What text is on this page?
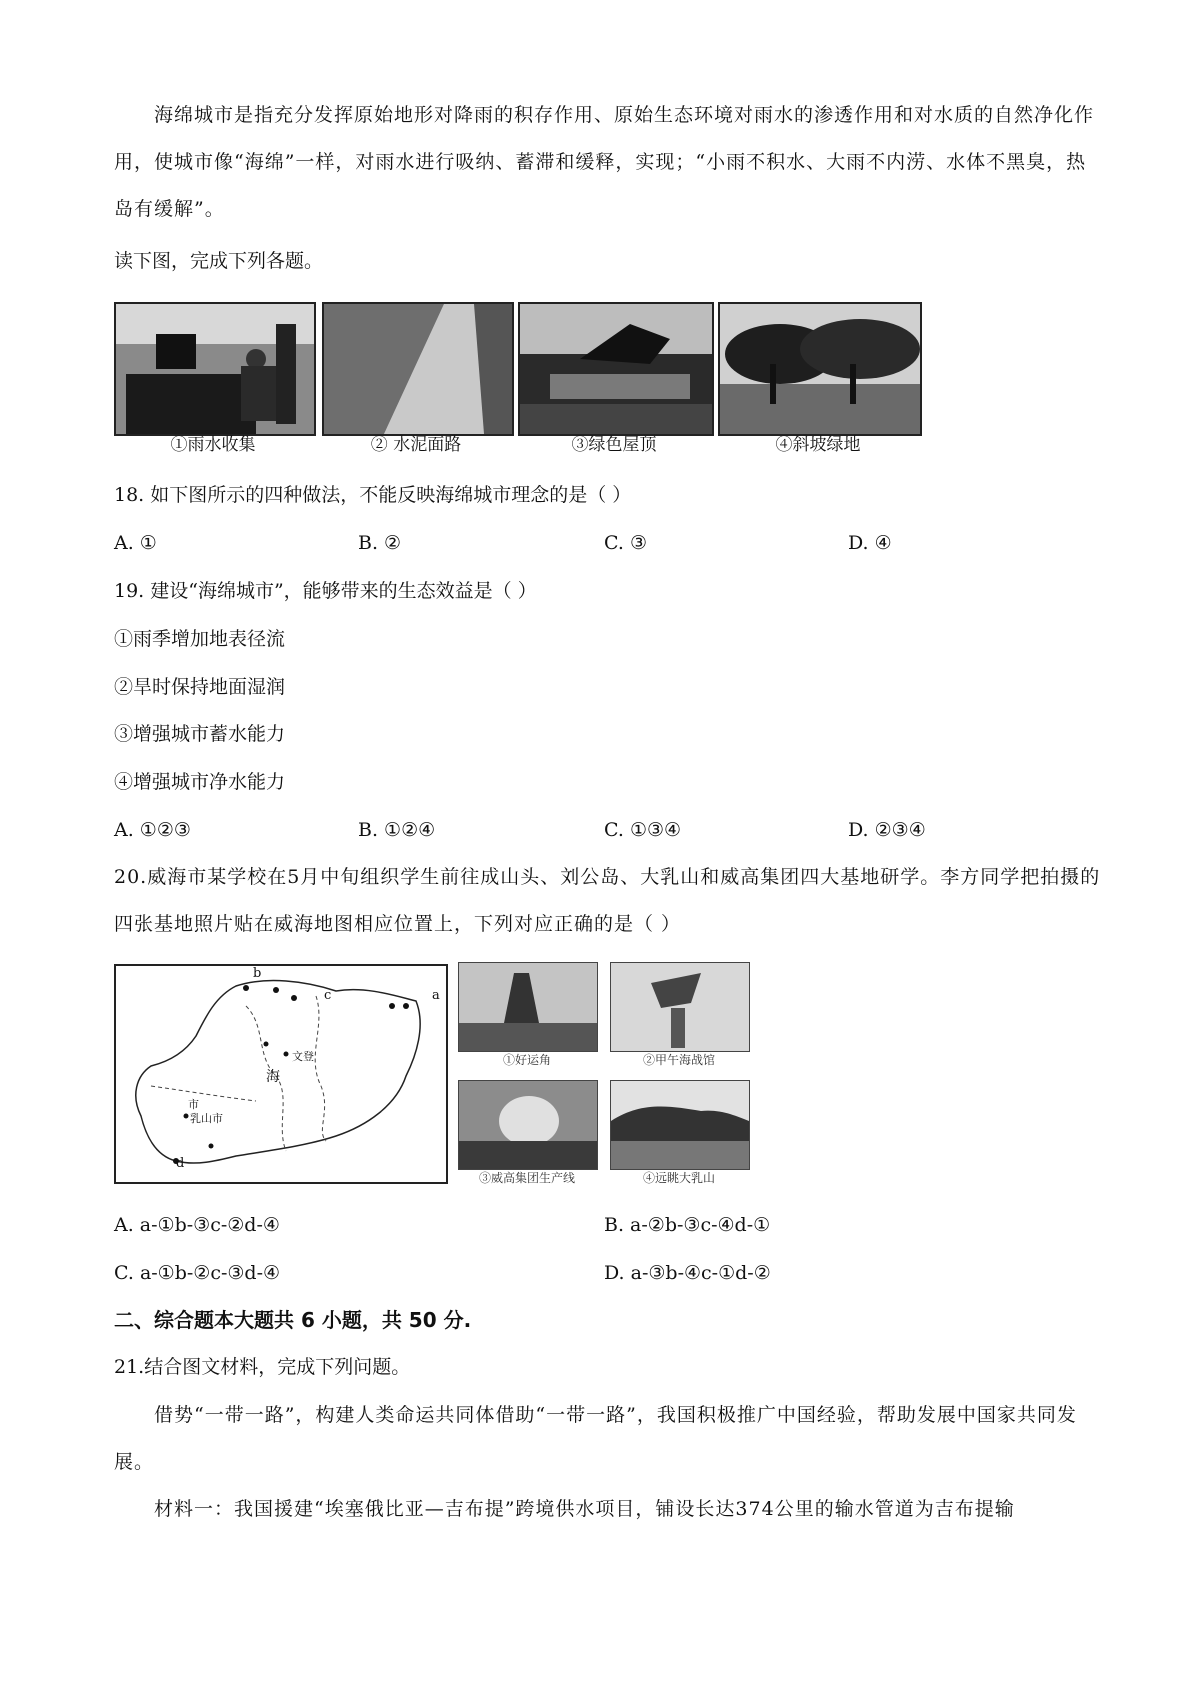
海绵城市是指充分发挥原始地形对降雨的积存作用、原始生态环境对雨水的渗透作用和对水质的自然净化作用，使城市像“海绵”一样，对雨水进行吸纳、蓄滞和缓释，实现；“小雨不积水、大雨不内涝、水体不黑臭，热岛有缓解”。
读下图，完成下列各题。
①雨水收集	② 水泥面路	③绿色屋顶	④斜坡绿地
18. 如下图所示的四种做法，不能反映海绵城市理念的是（ ）
A. ①	B. ②	C. ③	D. ④
19. 建设“海绵城市”，能够带来的生态效益是（ ）
①雨季增加地表径流
②旱时保持地面湿润
③增强城市蓄水能力
④增强城市净水能力
A. ①②③	B. ①②④	C. ①③④	D. ②③④
20.威海市某学校在5月中旬组织学生前往成山头、刘公岛、大乳山和威高集团四大基地研学。李方同学把拍摄的四张基地照片贴在威海地图相应位置上，下列对应正确的是（ ）
b
c	a
d
海
市
乳山市
文登	①好运角	②甲午海战馆
③威高集团生产线	④远眺大乳山
A. a-①b-③c-②d-④	B. a-②b-③c-④d-①
C. a-①b-②c-③d-④	D. a-③b-④c-①d-②
二、综合题本大题共 6 小题，共 50 分.
21.结合图文材料，完成下列问题。
借势“一带一路”，构建人类命运共同体借助“一带一路”，我国积极推广中国经验，帮助发展中国家共同发展。
材料一：我国援建“埃塞俄比亚—吉布提”跨境供水项目，铺设长达374公里的输水管道为吉布提输
